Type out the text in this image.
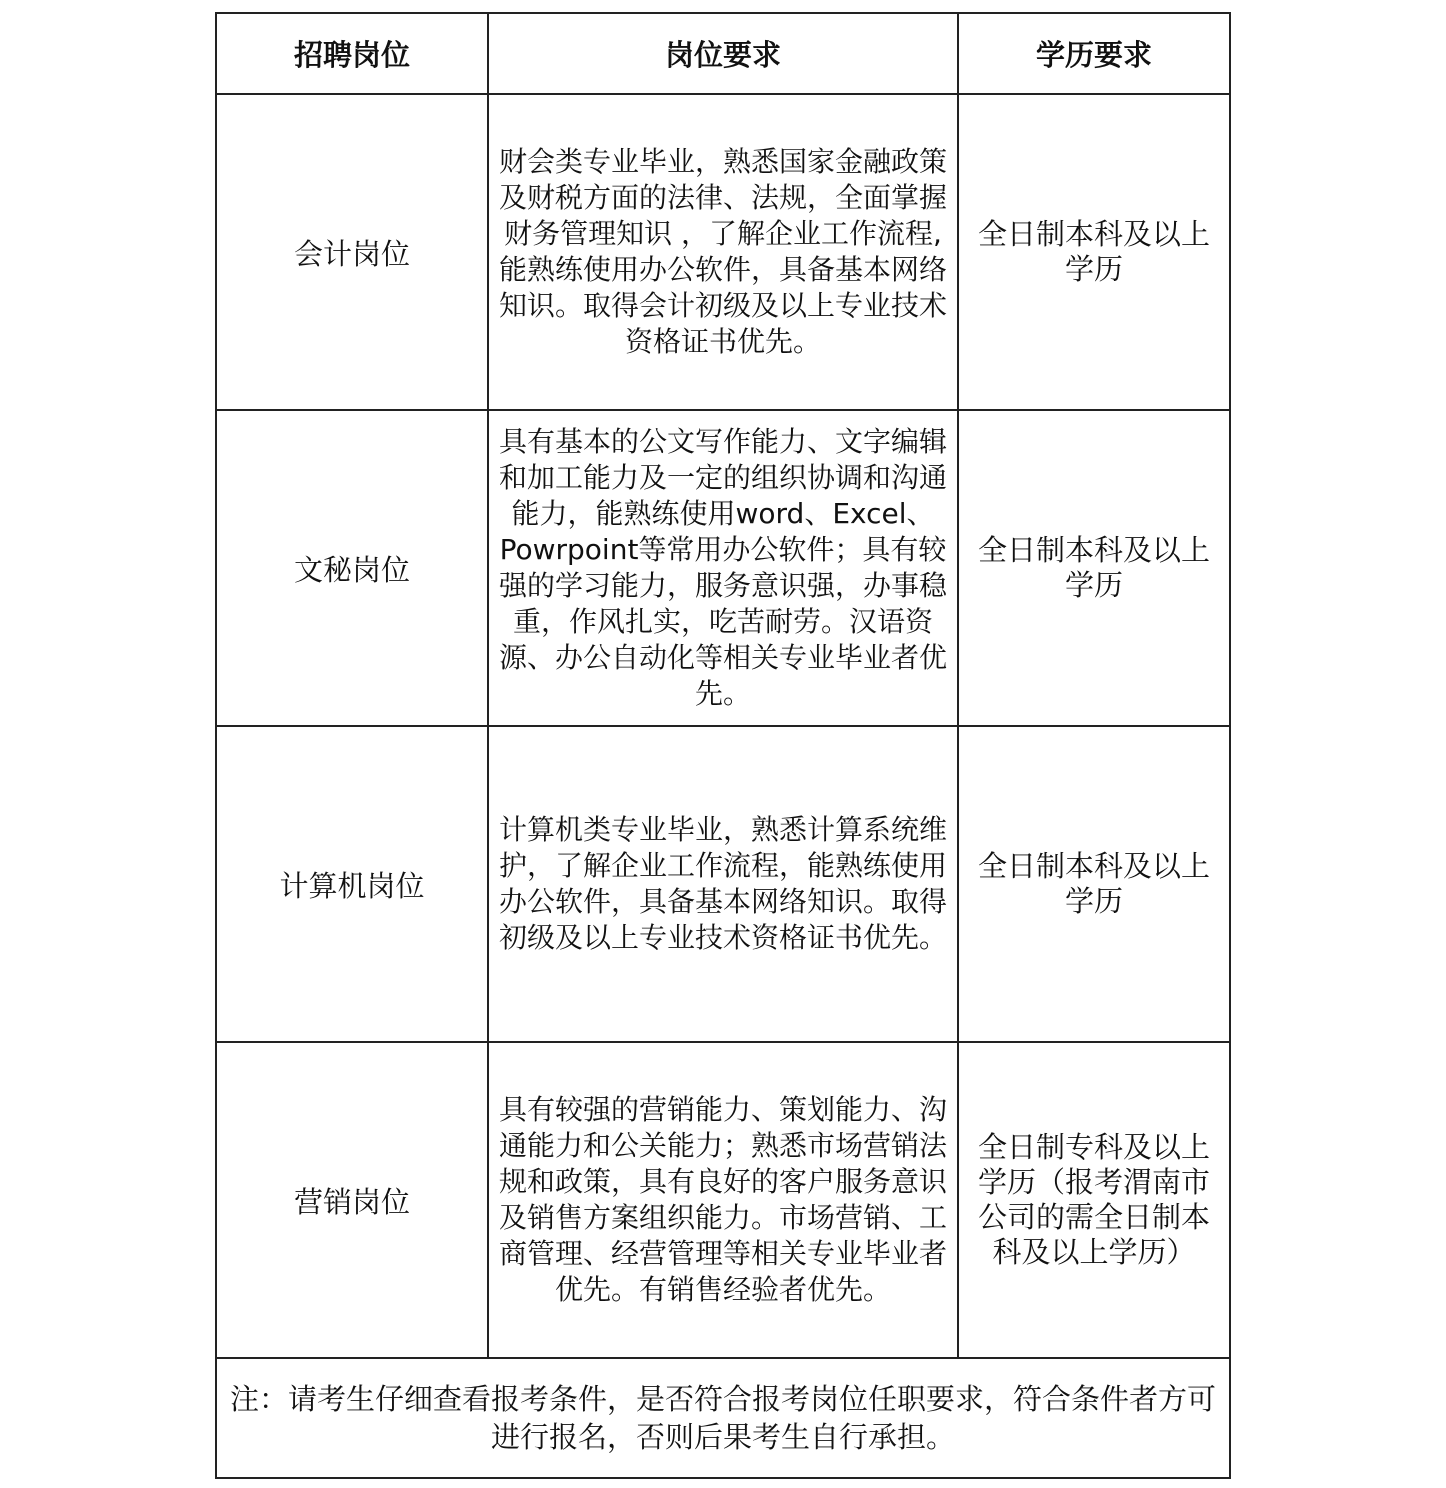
招聘岗位	岗位要求	学历要求
会计岗位	财会类专业毕业，熟悉国家金融政策及财税方面的法律、法规，全面掌握财务管理知识 ，了解企业工作流程,能熟练使用办公软件，具备基本网络知识。取得会计初级及以上专业技术资格证书优先。	全日制本科及以上学历
文秘岗位	具有基本的公文写作能力、文字编辑和加工能力及一定的组织协调和沟通能力，能熟练使用word、Excel、 Powrpoint等常用办公软件；具有较强的学习能力，服务意识强，办事稳重，作风扎实，吃苦耐劳。汉语资源、办公自动化等相关专业毕业者优先。	全日制本科及以上学历
计算机岗位	计算机类专业毕业，熟悉计算系统维护，了解企业工作流程，能熟练使用办公软件，具备基本网络知识。取得初级及以上专业技术资格证书优先。	全日制本科及以上学历
营销岗位	具有较强的营销能力、策划能力、沟通能力和公关能力；熟悉市场营销法规和政策，具有良好的客户服务意识及销售方案组织能力。市场营销、工商管理、经营管理等相关专业毕业者优先。有销售经验者优先。	全日制专科及以上学历（报考渭南市公司的需全日制本科及以上学历）
注：请考生仔细查看报考条件，是否符合报考岗位任职要求，符合条件者方可进行报名，否则后果考生自行承担。		
